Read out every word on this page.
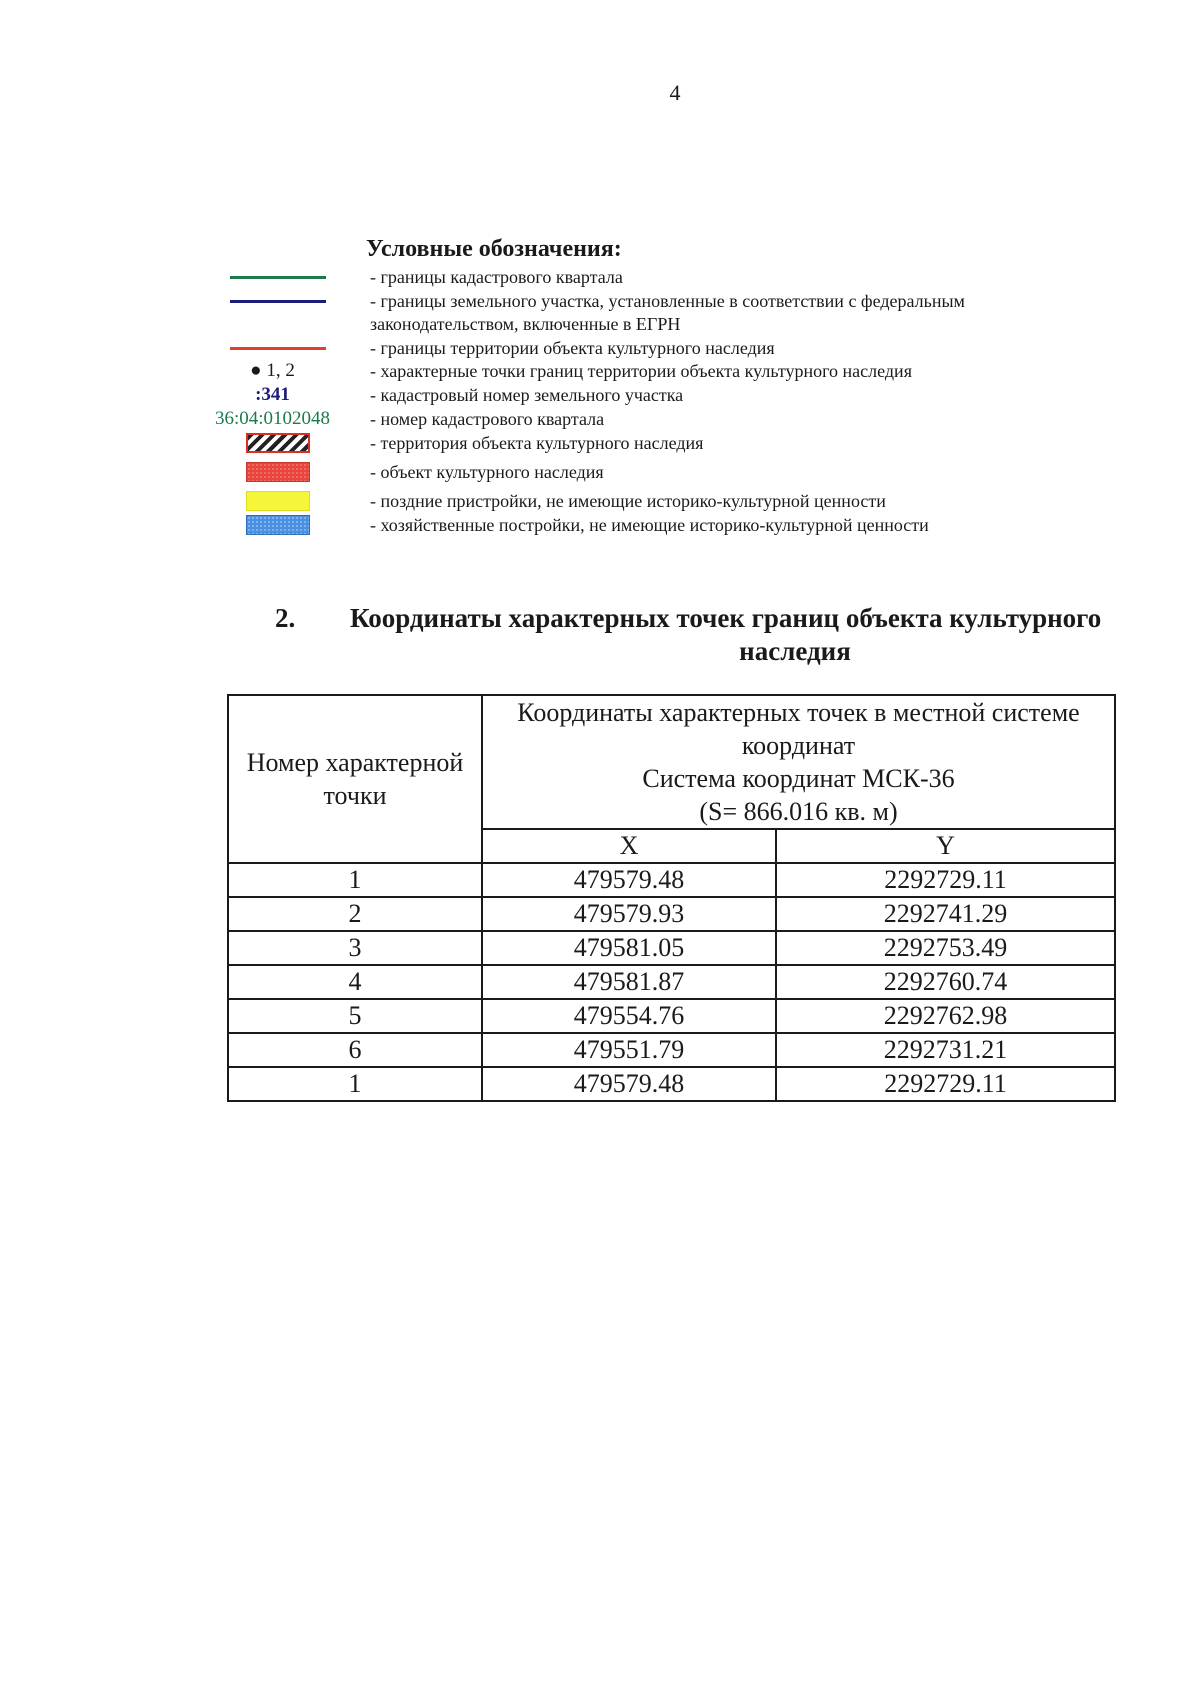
4
Условные обозначения:
- границы кадастрового квартала
- границы земельного участка, установленные в соответствии с федеральным
законодательством, включенные в ЕГРН
- границы территории объекта культурного наследия
● 1, 2	- характерные точки границ территории объекта культурного наследия
:341	- кадастровый номер земельного участка
36:04:0102048	- номер кадастрового квартала
- территория объекта культурного наследия
- объект культурного наследия
- поздние пристройки, не имеющие историко-культурной ценности
- хозяйственные постройки, не имеющие историко-культурной ценности
2. Координаты характерных точек границ объекта культурного
наследия
Номер характерной точки	Координаты характерных точек в местной системе
координат
Система координат МСК-36
(S= 866.016 кв. м)	

	X	Y
1	479579.48	2292729.11
2	479579.93	2292741.29
3	479581.05	2292753.49
4	479581.87	2292760.74
5	479554.76	2292762.98
6	479551.79	2292731.21
1	479579.48	2292729.11
